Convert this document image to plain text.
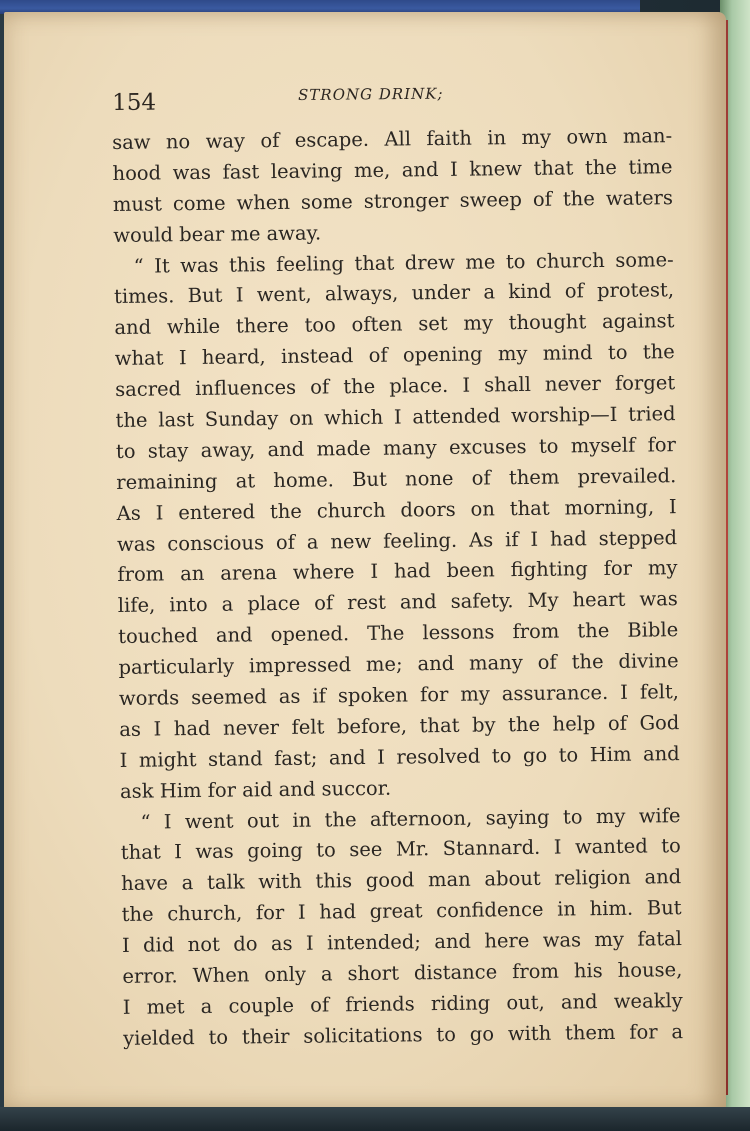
154	STRONG DRINK;
saw no way of escape. All faith in my own man-
hood was fast leaving me, and I knew that the time
must come when some stronger sweep of the waters
would bear me away.
“ It was this feeling that drew me to church some-
times. But I went, always, under a kind of protest,
and while there too often set my thought against
what I heard, instead of opening my mind to the
sacred influences of the place. I shall never forget
the last Sunday on which I attended worship—I tried
to stay away, and made many excuses to myself for
remaining at home. But none of them prevailed.
As I entered the church doors on that morning, I
was conscious of a new feeling. As if I had stepped
from an arena where I had been fighting for my
life, into a place of rest and safety. My heart was
touched and opened. The lessons from the Bible
particularly impressed me; and many of the divine
words seemed as if spoken for my assurance. I felt,
as I had never felt before, that by the help of God
I might stand fast; and I resolved to go to Him and
ask Him for aid and succor.
“ I went out in the afternoon, saying to my wife
that I was going to see Mr. Stannard. I wanted to
have a talk with this good man about religion and
the church, for I had great confidence in him. But
I did not do as I intended; and here was my fatal
error. When only a short distance from his house,
I met a couple of friends riding out, and weakly
yielded to their solicitations to go with them for a
